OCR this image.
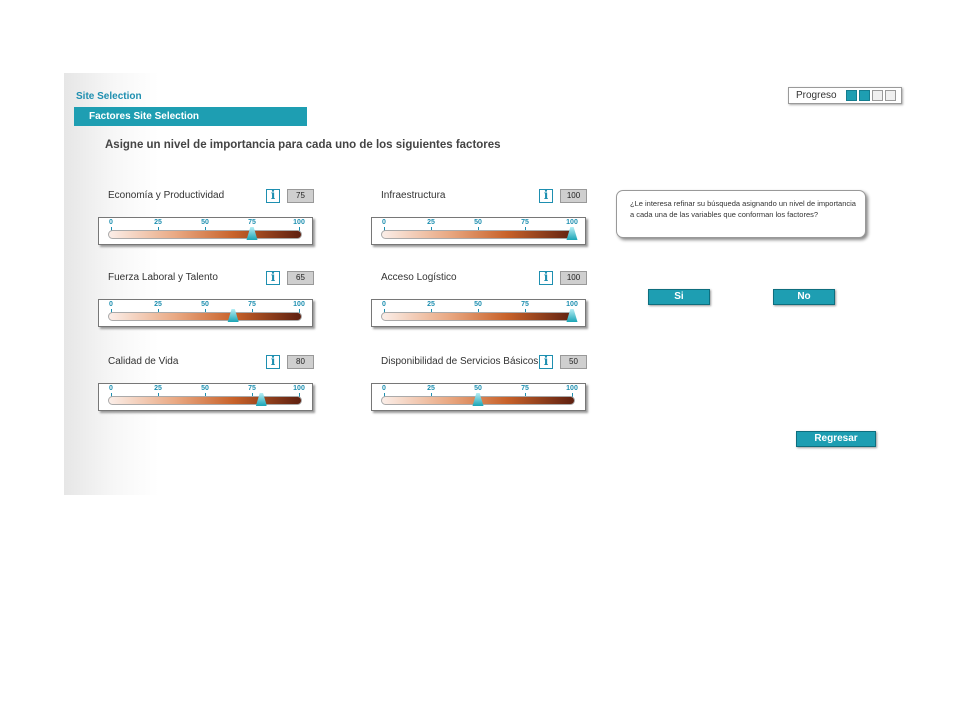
Site Selection
Factores Site Selection
Progreso
Asigne un nivel de importancia para cada uno de los siguientes factores
Economía y Productividad	i	75
0	25	50	75	100
Infraestructura	i	100
0	25	50	75	100
Fuerza Laboral y Talento	i	65
0	25	50	75	100
Acceso Logístico	i	100
0	25	50	75	100
Calidad de Vida	i	80
0	25	50	75	100
Disponibilidad de Servicios Básicos i	50
0	25	50	75	100
¿Le interesa refinar su búsqueda asignando un nivel de importancia a cada una de las variables que conforman los factores?
Si	No
Regresar
